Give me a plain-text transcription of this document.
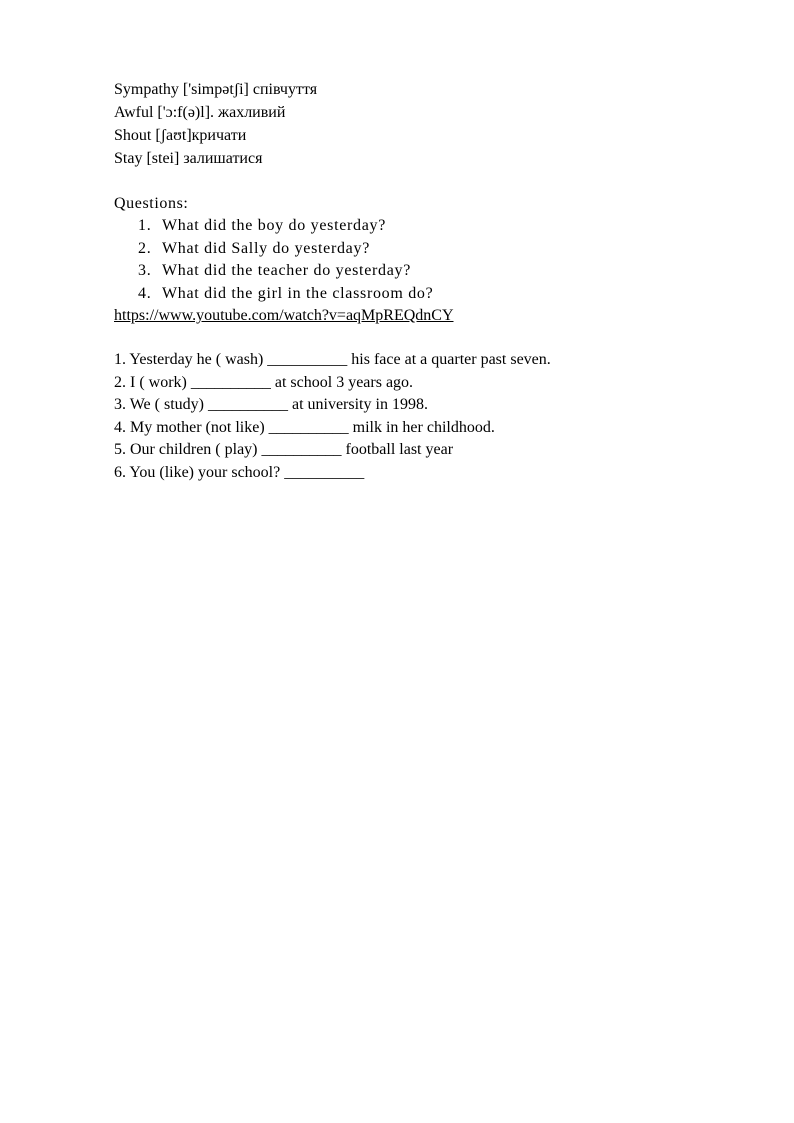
Sympathy ['simpətʃi] співчуття
Awful ['ɔ:f(ə)l]. жахливий
Shout [ʃaʊt]кричати
Stay [stei] залишатися
Questions:
1. What did the boy do yesterday?
2. What did Sally do yesterday?
3. What did the teacher do yesterday?
4. What did the girl in the classroom do?
https://www.youtube.com/watch?v=aqMpREQdnCY
1. Yesterday he ( wash) __________ his face at a quarter past seven.
2. I ( work) __________ at school 3 years ago.
3. We ( study) __________ at university in 1998.
4. My mother (not like) __________ milk in her childhood.
5. Our children ( play) __________ football last year
6. You (like) your school? __________
